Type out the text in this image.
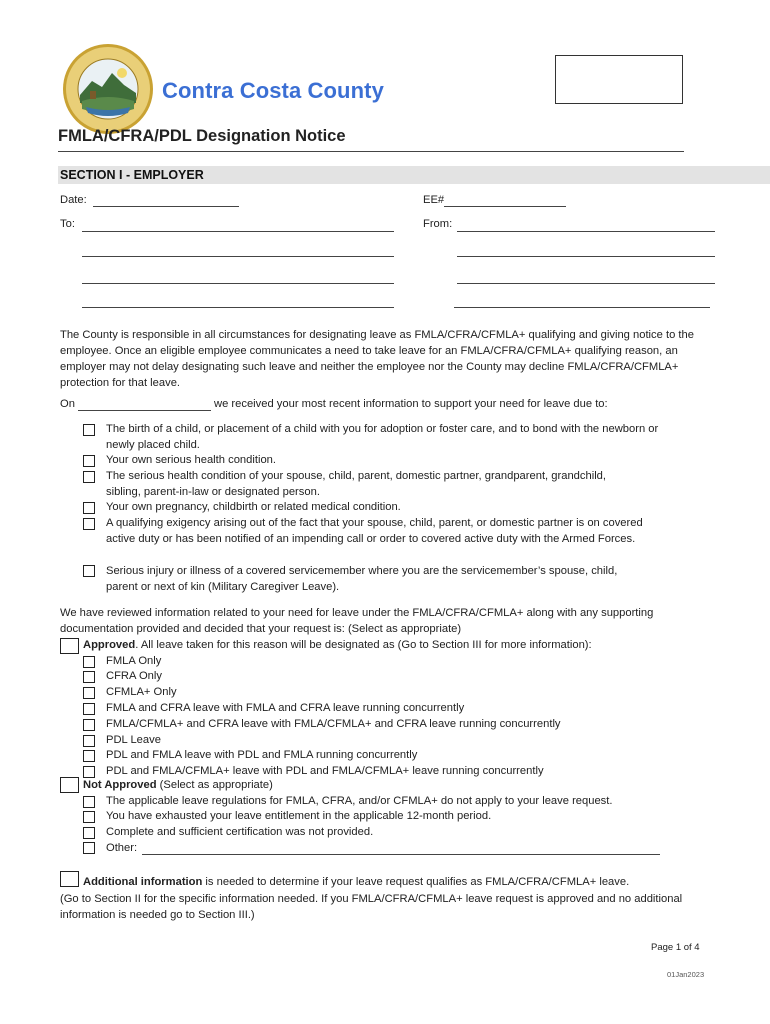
Contra Costa County
FMLA/CFRA/PDL Designation Notice
SECTION I - EMPLOYER
Date:	EE#
To:	From:
The County is responsible in all circumstances for designating leave as FMLA/CFRA/CFMLA+ qualifying and giving notice to the employee. Once an eligible employee communicates a need to take leave for an FMLA/CFRA/CFMLA+ qualifying reason, an employer may not delay designating such leave and neither the employee nor the County may decline FMLA/CFRA/CFMLA+ protection for that leave.
On	we received your most recent information to support your need for leave due to:
The birth of a child, or placement of a child with you for adoption or foster care, and to bond with the newborn or newly placed child.
Your own serious health condition.
The serious health condition of your spouse, child, parent, domestic partner, grandparent, grandchild, sibling, parent-in-law or designated person.
Your own pregnancy, childbirth or related medical condition.
A qualifying exigency arising out of the fact that your spouse, child, parent, or domestic partner is on covered active duty or has been notified of an impending call or order to covered active duty with the Armed Forces.
Serious injury or illness of a covered servicemember where you are the servicemember’s spouse, child, parent or next of kin (Military Caregiver Leave).
We have reviewed information related to your need for leave under the FMLA/CFRA/CFMLA+ along with any supporting documentation provided and decided that your request is: (Select as appropriate)
Approved. All leave taken for this reason will be designated as (Go to Section III for more information):
FMLA Only
CFRA Only
CFMLA+ Only
FMLA and CFRA leave with FMLA and CFRA leave running concurrently
FMLA/CFMLA+ and CFRA leave with FMLA/CFMLA+ and CFRA leave running concurrently
PDL Leave
PDL and FMLA leave with PDL and FMLA running concurrently
PDL and FMLA/CFMLA+ leave with PDL and FMLA/CFMLA+ leave running concurrently
Not Approved (Select as appropriate)
The applicable leave regulations for FMLA, CFRA, and/or CFMLA+ do not apply to your leave request.
You have exhausted your leave entitlement in the applicable 12-month period.
Complete and sufficient certification was not provided.
Other:
Additional information is needed to determine if your leave request qualifies as FMLA/CFRA/CFMLA+ leave.
(Go to Section II for the specific information needed. If you FMLA/CFRA/CFMLA+ leave request is approved and no additional information is needed go to Section III.)
Page 1 of 4
01Jan2023
